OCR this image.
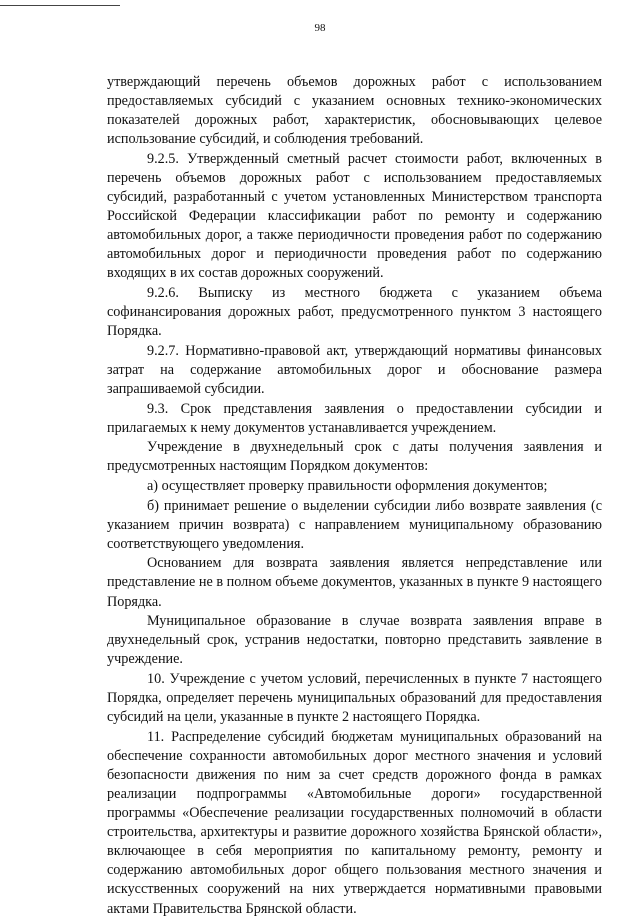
98

утверждающий перечень объемов дорожных работ с использованием предоставляемых субсидий с указанием основных технико-экономических показателей дорожных работ, характеристик, обосновывающих целевое использование субсидий, и соблюдения требований.

9.2.5. Утвержденный сметный расчет стоимости работ, включенных в перечень объемов дорожных работ с использованием предоставляемых субсидий, разработанный с учетом установленных Министерством транспорта Российской Федерации классификации работ по ремонту и содержанию автомобильных дорог, а также периодичности проведения работ по содержанию автомобильных дорог и периодичности проведения работ по содержанию входящих в их состав дорожных сооружений.

9.2.6. Выписку из местного бюджета с указанием объема софинансирования дорожных работ, предусмотренного пунктом 3 настоящего Порядка.

9.2.7. Нормативно-правовой акт, утверждающий нормативы финансовых затрат на содержание автомобильных дорог и обоснование размера запрашиваемой субсидии.

9.3. Срок представления заявления о предоставлении субсидии и прилагаемых к нему документов устанавливается учреждением.

Учреждение в двухнедельный срок с даты получения заявления и предусмотренных настоящим Порядком документов:

а) осуществляет проверку правильности оформления документов;

б) принимает решение о выделении субсидии либо возврате заявления (с указанием причин возврата) с направлением муниципальному образованию соответствующего уведомления.

Основанием для возврата заявления является непредставление или представление не в полном объеме документов, указанных в пункте 9 настоящего Порядка.

Муниципальное образование в случае возврата заявления вправе в двухнедельный срок, устранив недостатки, повторно представить заявление в учреждение.

10. Учреждение с учетом условий, перечисленных в пункте 7 настоящего Порядка, определяет перечень муниципальных образований для предоставления субсидий на цели, указанные в пункте 2 настоящего Порядка.

11. Распределение субсидий бюджетам муниципальных образований на обеспечение сохранности автомобильных дорог местного значения и условий безопасности движения по ним за счет средств дорожного фонда в рамках реализации подпрограммы «Автомобильные дороги» государственной программы «Обеспечение реализации государственных полномочий в области строительства, архитектуры и развитие дорожного хозяйства Брянской области», включающее в себя мероприятия по капитальному ремонту, ремонту и содержанию автомобильных дорог общего пользования местного значения и искусственных сооружений на них утверждается нормативными правовыми актами Правительства Брянской области.
